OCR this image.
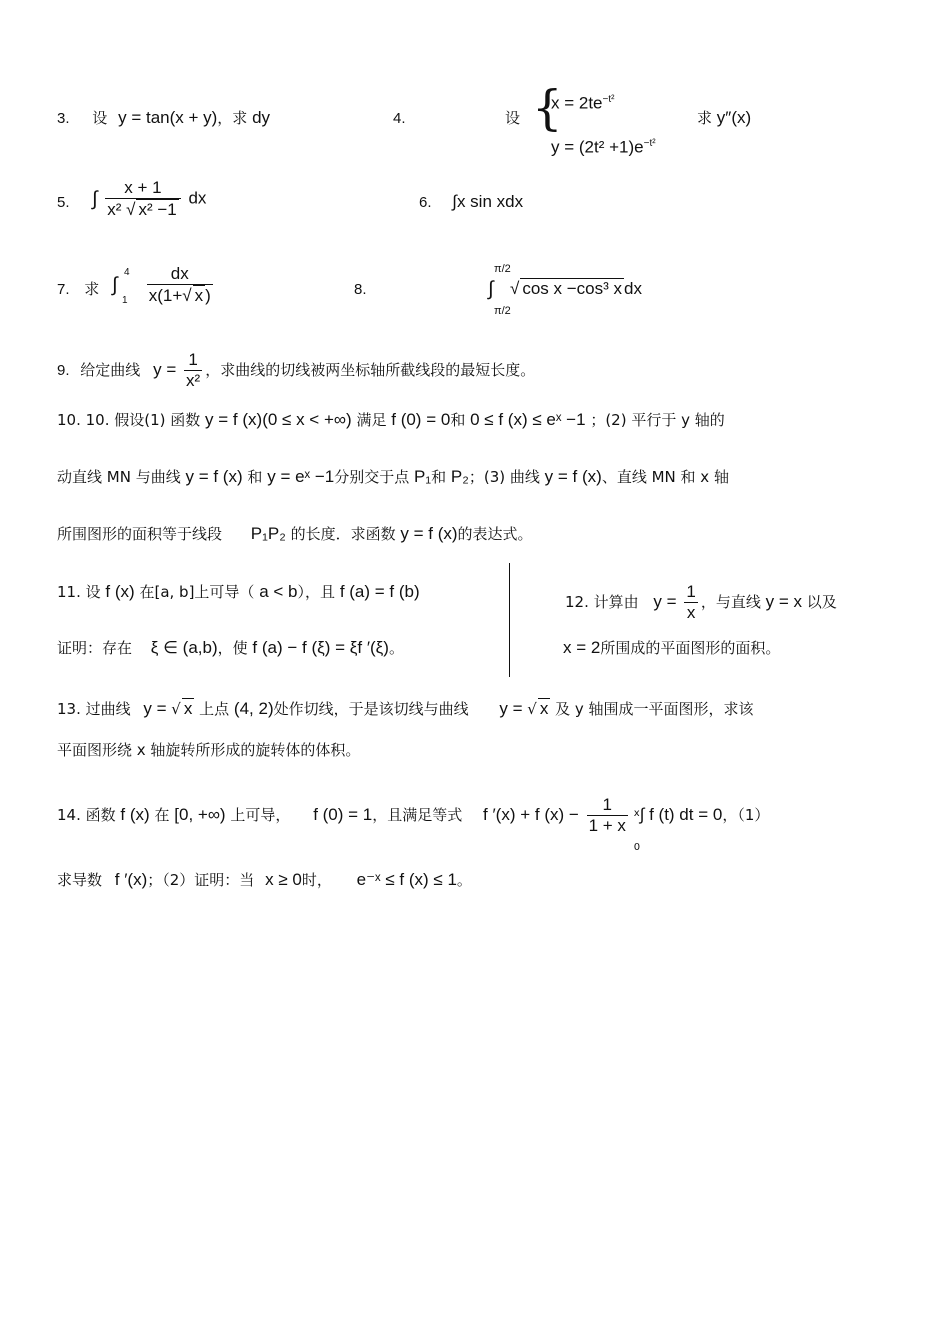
3. 设 y = tan(x + y)，求 dy	4.	设 {
$x = 2te^{-t^2}$
$y = (2t^2 +1)e^{-t^2}$
求 y″(x)
5. ∫ $\frac{x + 1}{\text{x² √ x² −1}}$ dx	6. ∫x sin xdx
7. 求 ∫
4
1
$\frac{dx}{x(1+√ x )}$	8.	∫
π/2
π/2
√ cos x −cos³ x dx
9. 给定曲线 $y = \frac{1}{\text{x²}}$ ，求曲线的切线被两坐标轴所截线段的最短长度。
10. 10. 假设(1) 函数 y = f (x)(0 ≤ x < +∞) 满足 f (0) = 0和 0 ≤ f (x) ≤ eˣ −1 ；(2) 平行于 y 轴的
动直线 MN 与曲线 y = f (x) 和 y = eˣ −1分别交于点 P₁和 P₂；(3) 曲线 y = f (x)、直线 MN 和 x 轴
所围图形的面积等于线段 P₁P₂ 的长度．求函数 y = f (x)的表达式。
11. 设 f (x) 在[a, b]上可导（ a < b），且 f (a) = f (b)
证明：存在 ξ ∈ (a,b)，使 f (a) − f (ξ) = ξf ′(ξ)。
12. 计算由 $y = \frac{1}{x}$ ，与直线 y = x 以及
x = 2所围成的平面图形的面积。
13. 过曲线 y = √ x 上点 (4, 2)处作切线，于是该切线与曲线 y = √ x 及 y 轴围成一平面图形，求该
平面图形绕 x 轴旋转所形成的旋转体的体积。
14. 函数 f (x) 在 [0, +∞) 上可导， f (0) = 1，且满足等式 f ′(x) + f $(x) - \frac{1}{1 + x}$
x
0
∫ f (t) dt = 0，（1）
求导数 f ′(x)；（2）证明：当 x ≥ 0时， e⁻ˣ ≤ f (x) ≤ 1。
